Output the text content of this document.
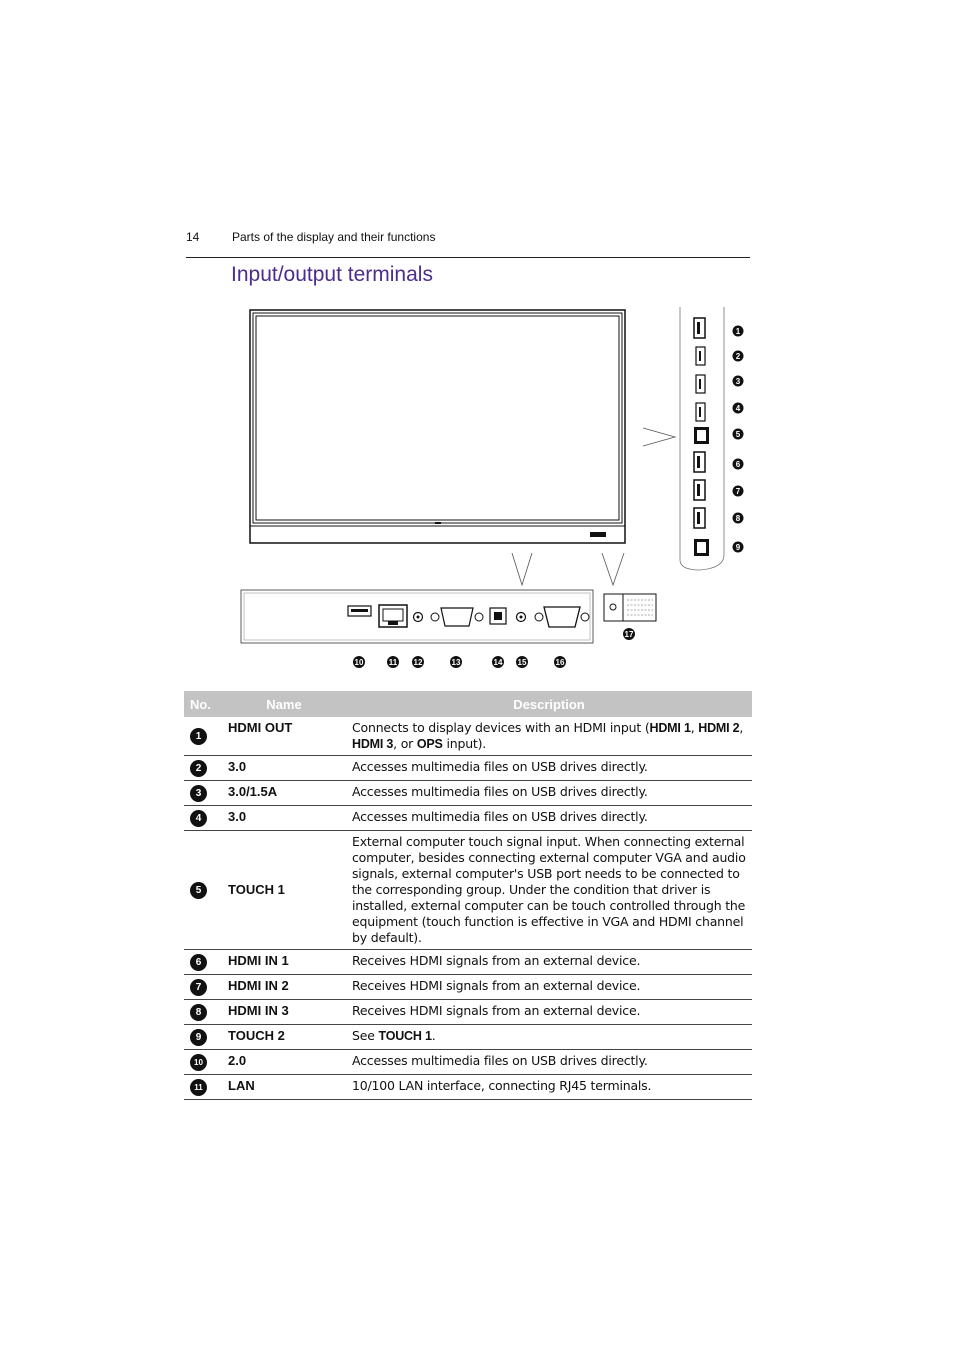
14	Parts of the display and their functions
Input/output terminals
1
2
3
4
5
6
7
8
9
10	11 12	13	14 15	16
17
No.	Name	Description
1	HDMI OUT	Connects to display devices with an HDMI input (HDMI 1, HDMI 2, HDMI 3, or OPS input).
2	3.0	Accesses multimedia files on USB drives directly.
3	3.0/1.5A	Accesses multimedia files on USB drives directly.
4	3.0	Accesses multimedia files on USB drives directly.
5	TOUCH 1	External computer touch signal input. When connecting external computer, besides connecting external computer VGA and audio signals, external computer's USB port needs to be connected to the corresponding group. Under the condition that driver is installed, external computer can be touch controlled through the equipment (touch function is effective in VGA and HDMI channel by default).
6	HDMI IN 1	Receives HDMI signals from an external device.
7	HDMI IN 2	Receives HDMI signals from an external device.
8	HDMI IN 3	Receives HDMI signals from an external device.
9	TOUCH 2	See TOUCH 1.
10	2.0	Accesses multimedia files on USB drives directly.
11	LAN	10/100 LAN interface, connecting RJ45 terminals.
